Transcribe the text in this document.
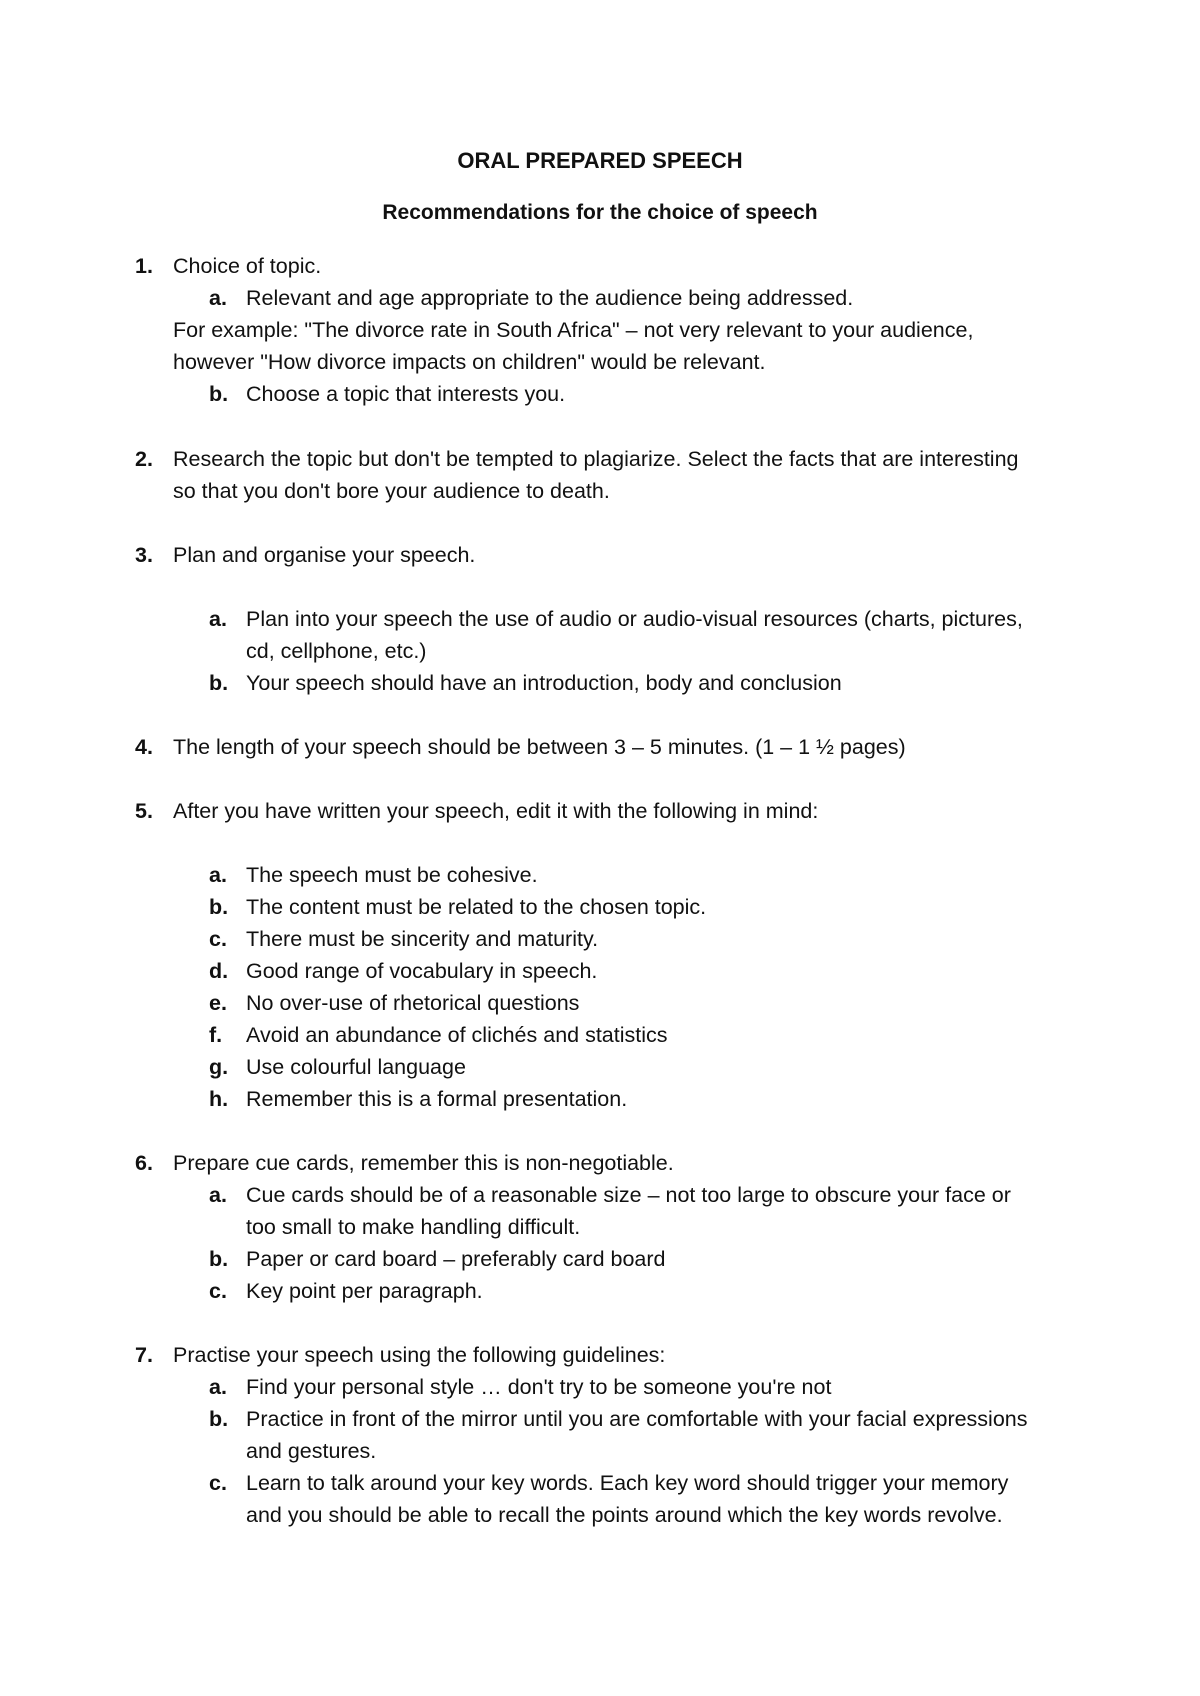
ORAL PREPARED SPEECH
Recommendations for the choice of speech
1. Choice of topic.
a. Relevant and age appropriate to the audience being addressed.
For example: "The divorce rate in South Africa" – not very relevant to your audience,
however "How divorce impacts on children" would be relevant.
b. Choose a topic that interests you.
2. Research the topic but don't be tempted to plagiarize. Select the facts that are interesting
so that you don't bore your audience to death.
3. Plan and organise your speech.
a. Plan into your speech the use of audio or audio-visual resources (charts, pictures,
cd, cellphone, etc.)
b. Your speech should have an introduction, body and conclusion
4. The length of your speech should be between 3 – 5 minutes. (1 – 1 ½ pages)
5. After you have written your speech, edit it with the following in mind:
a. The speech must be cohesive.
b. The content must be related to the chosen topic.
c. There must be sincerity and maturity.
d. Good range of vocabulary in speech.
e. No over-use of rhetorical questions
f.	Avoid an abundance of clichés and statistics
g. Use colourful language
h. Remember this is a formal presentation.
6. Prepare cue cards, remember this is non-negotiable.
a. Cue cards should be of a reasonable size – not too large to obscure your face or
too small to make handling difficult.
b. Paper or card board – preferably card board
c. Key point per paragraph.
7. Practise your speech using the following guidelines:
a. Find your personal style … don't try to be someone you're not
b. Practice in front of the mirror until you are comfortable with your facial expressions
and gestures.
c. Learn to talk around your key words. Each key word should trigger your memory
and you should be able to recall the points around which the key words revolve.
